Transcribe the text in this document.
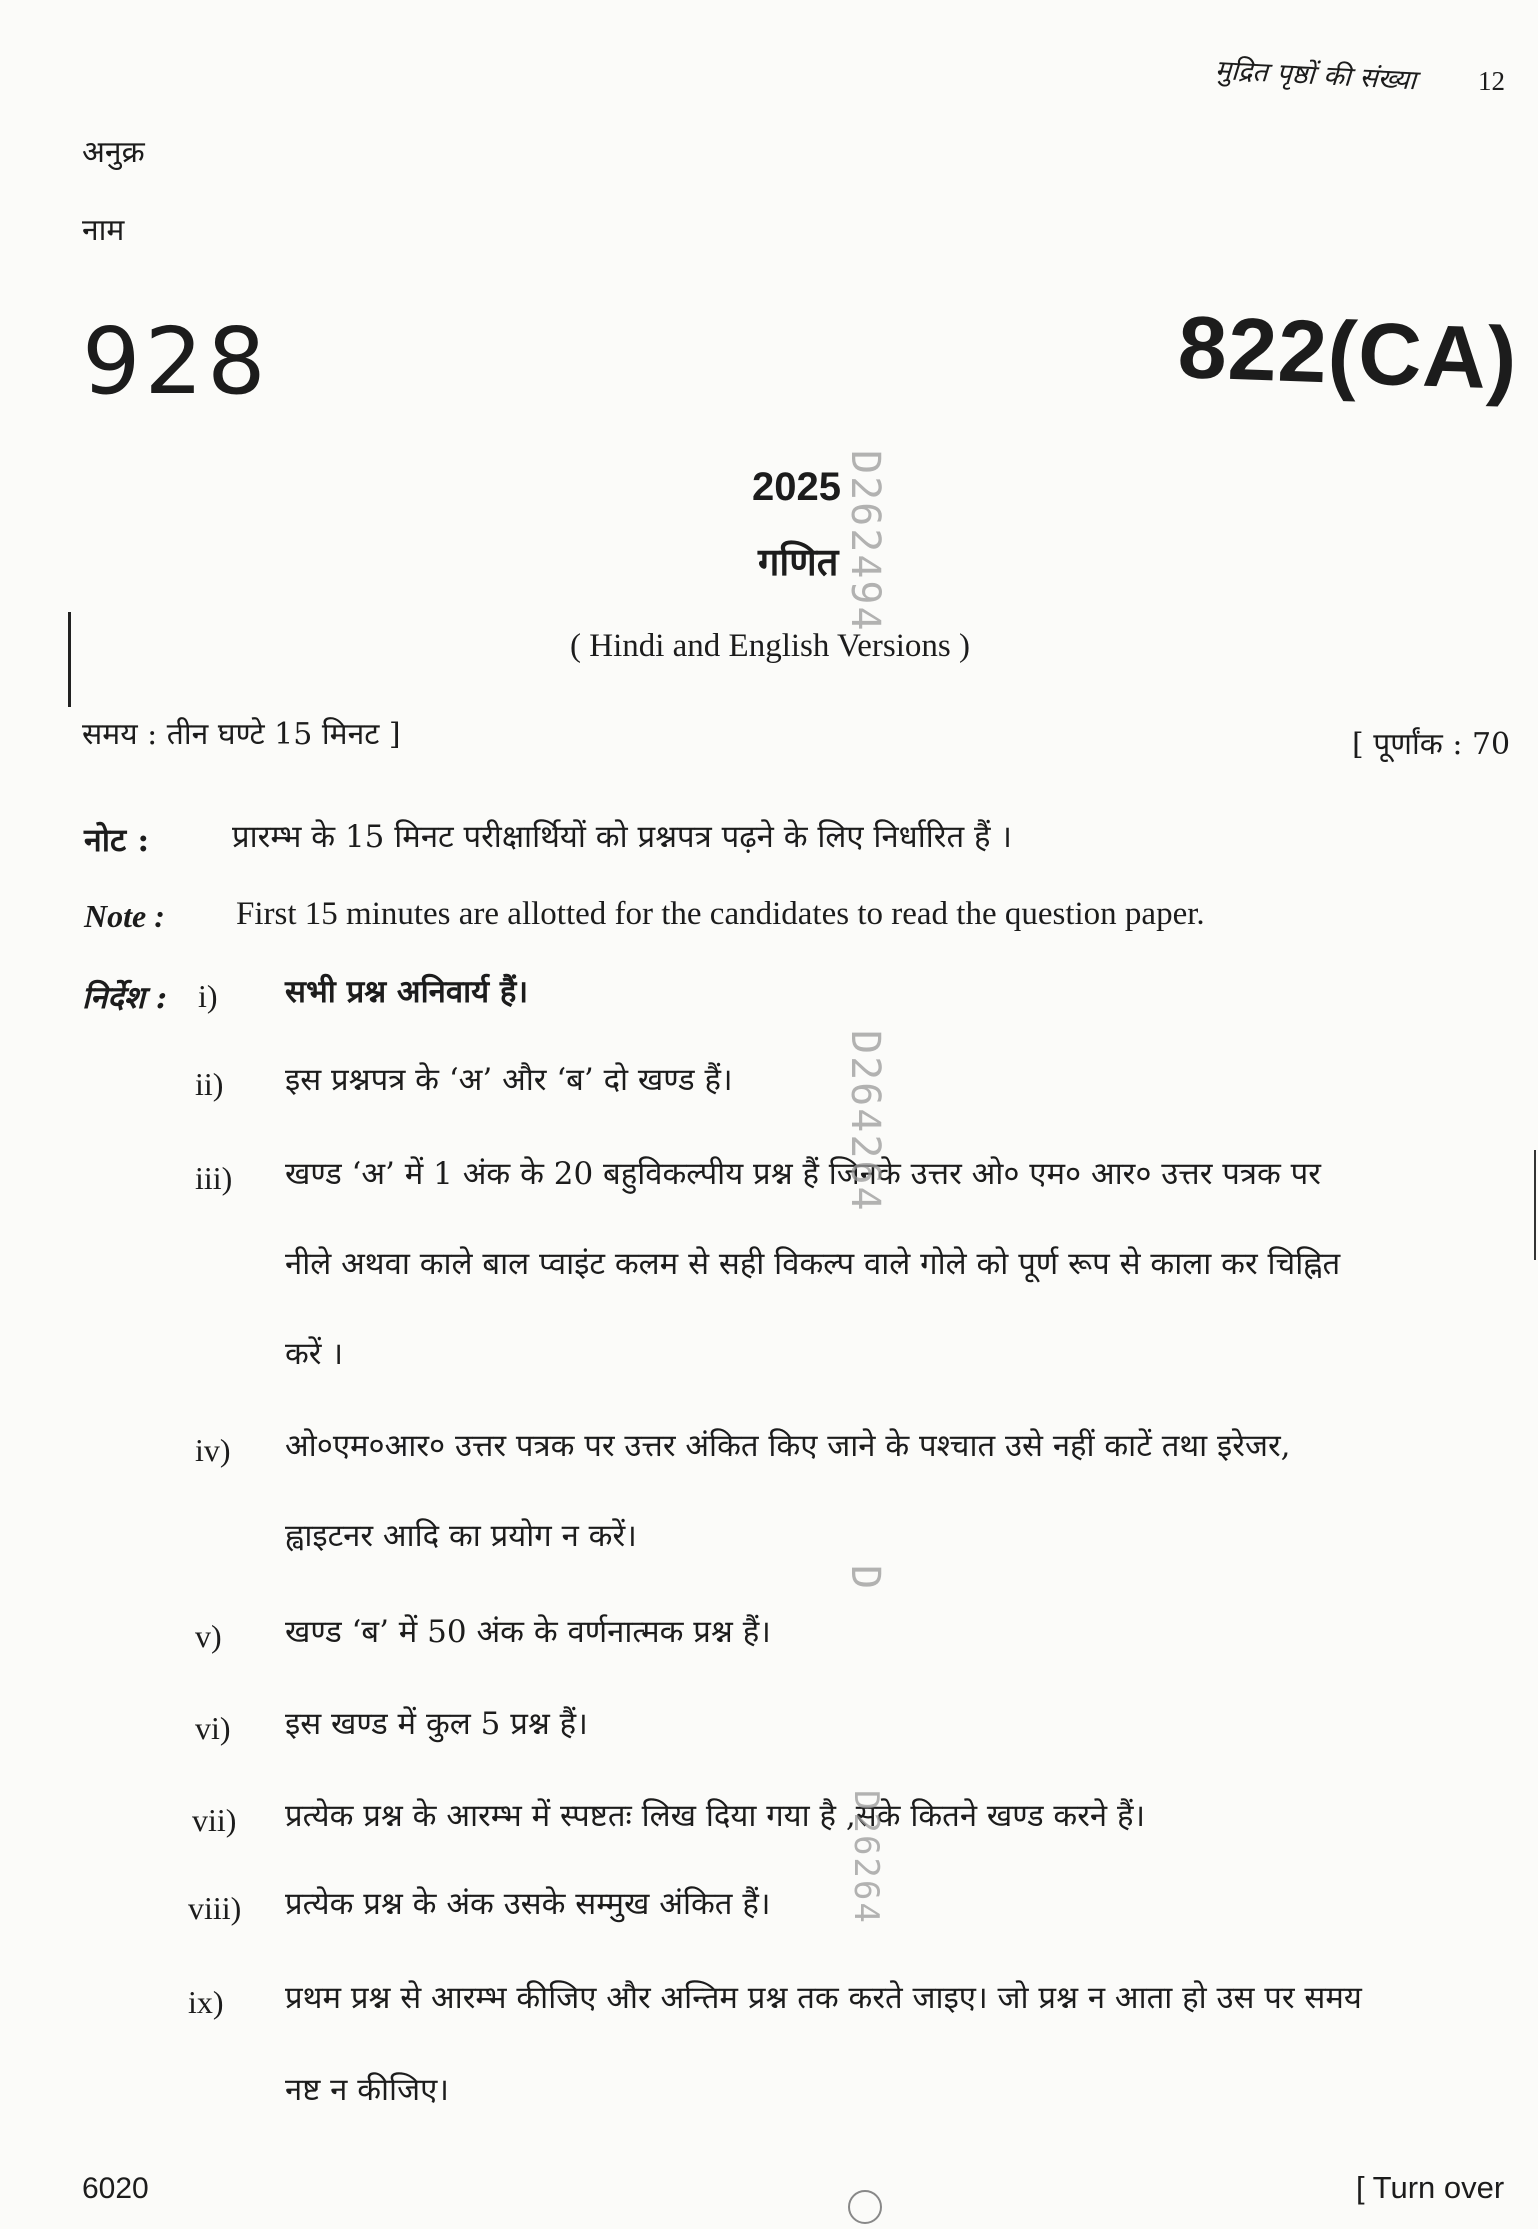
मुद्रित पृष्ठों की संख्या 12
अनुक्र
नाम
928	822(CA)
2025
गणित
( Hindi and English Versions )
समय : तीन घण्टे 15 मिनट ]	[ पूर्णांक : 70
नोट :	प्रारम्भ के 15 मिनट परीक्षार्थियों को प्रश्नपत्र पढ़ने के लिए निर्धारित हैं ।
Note : First 15 minutes are allotted for the candidates to read the question paper.
निर्देश : i) सभी प्रश्न अनिवार्य हैं।
ii) इस प्रश्नपत्र के ‘अ’ और ‘ब’ दो खण्ड हैं।
iii) खण्ड ‘अ’ में 1 अंक के 20 बहुविकल्पीय प्रश्न हैं जिनके उत्तर ओ० एम० आर० उत्तर पत्रक पर
नीले अथवा काले बाल प्वाइंट कलम से सही विकल्प वाले गोले को पूर्ण रूप से काला कर चिह्नित
करें ।
iv) ओ०एम०आर० उत्तर पत्रक पर उत्तर अंकित किए जाने के पश्चात उसे नहीं काटें तथा इरेजर,
ह्वाइटनर आदि का प्रयोग न करें।
v) खण्ड ‘ब’ में 50 अंक के वर्णनात्मक प्रश्न हैं।
vi) इस खण्ड में कुल 5 प्रश्न हैं।
vii) प्रत्येक प्रश्न के आरम्भ में स्पष्टतः लिख दिया गया है ,सके कितने खण्ड करने हैं।
viii) प्रत्येक प्रश्न के अंक उसके सम्मुख अंकित हैं।
ix) प्रथम प्रश्न से आरम्भ कीजिए और अन्तिम प्रश्न तक करते जाइए। जो प्रश्न न आता हो उस पर समय
नष्ट न कीजिए।
D262494
D264264
D
D26264
6020	[ Turn over
